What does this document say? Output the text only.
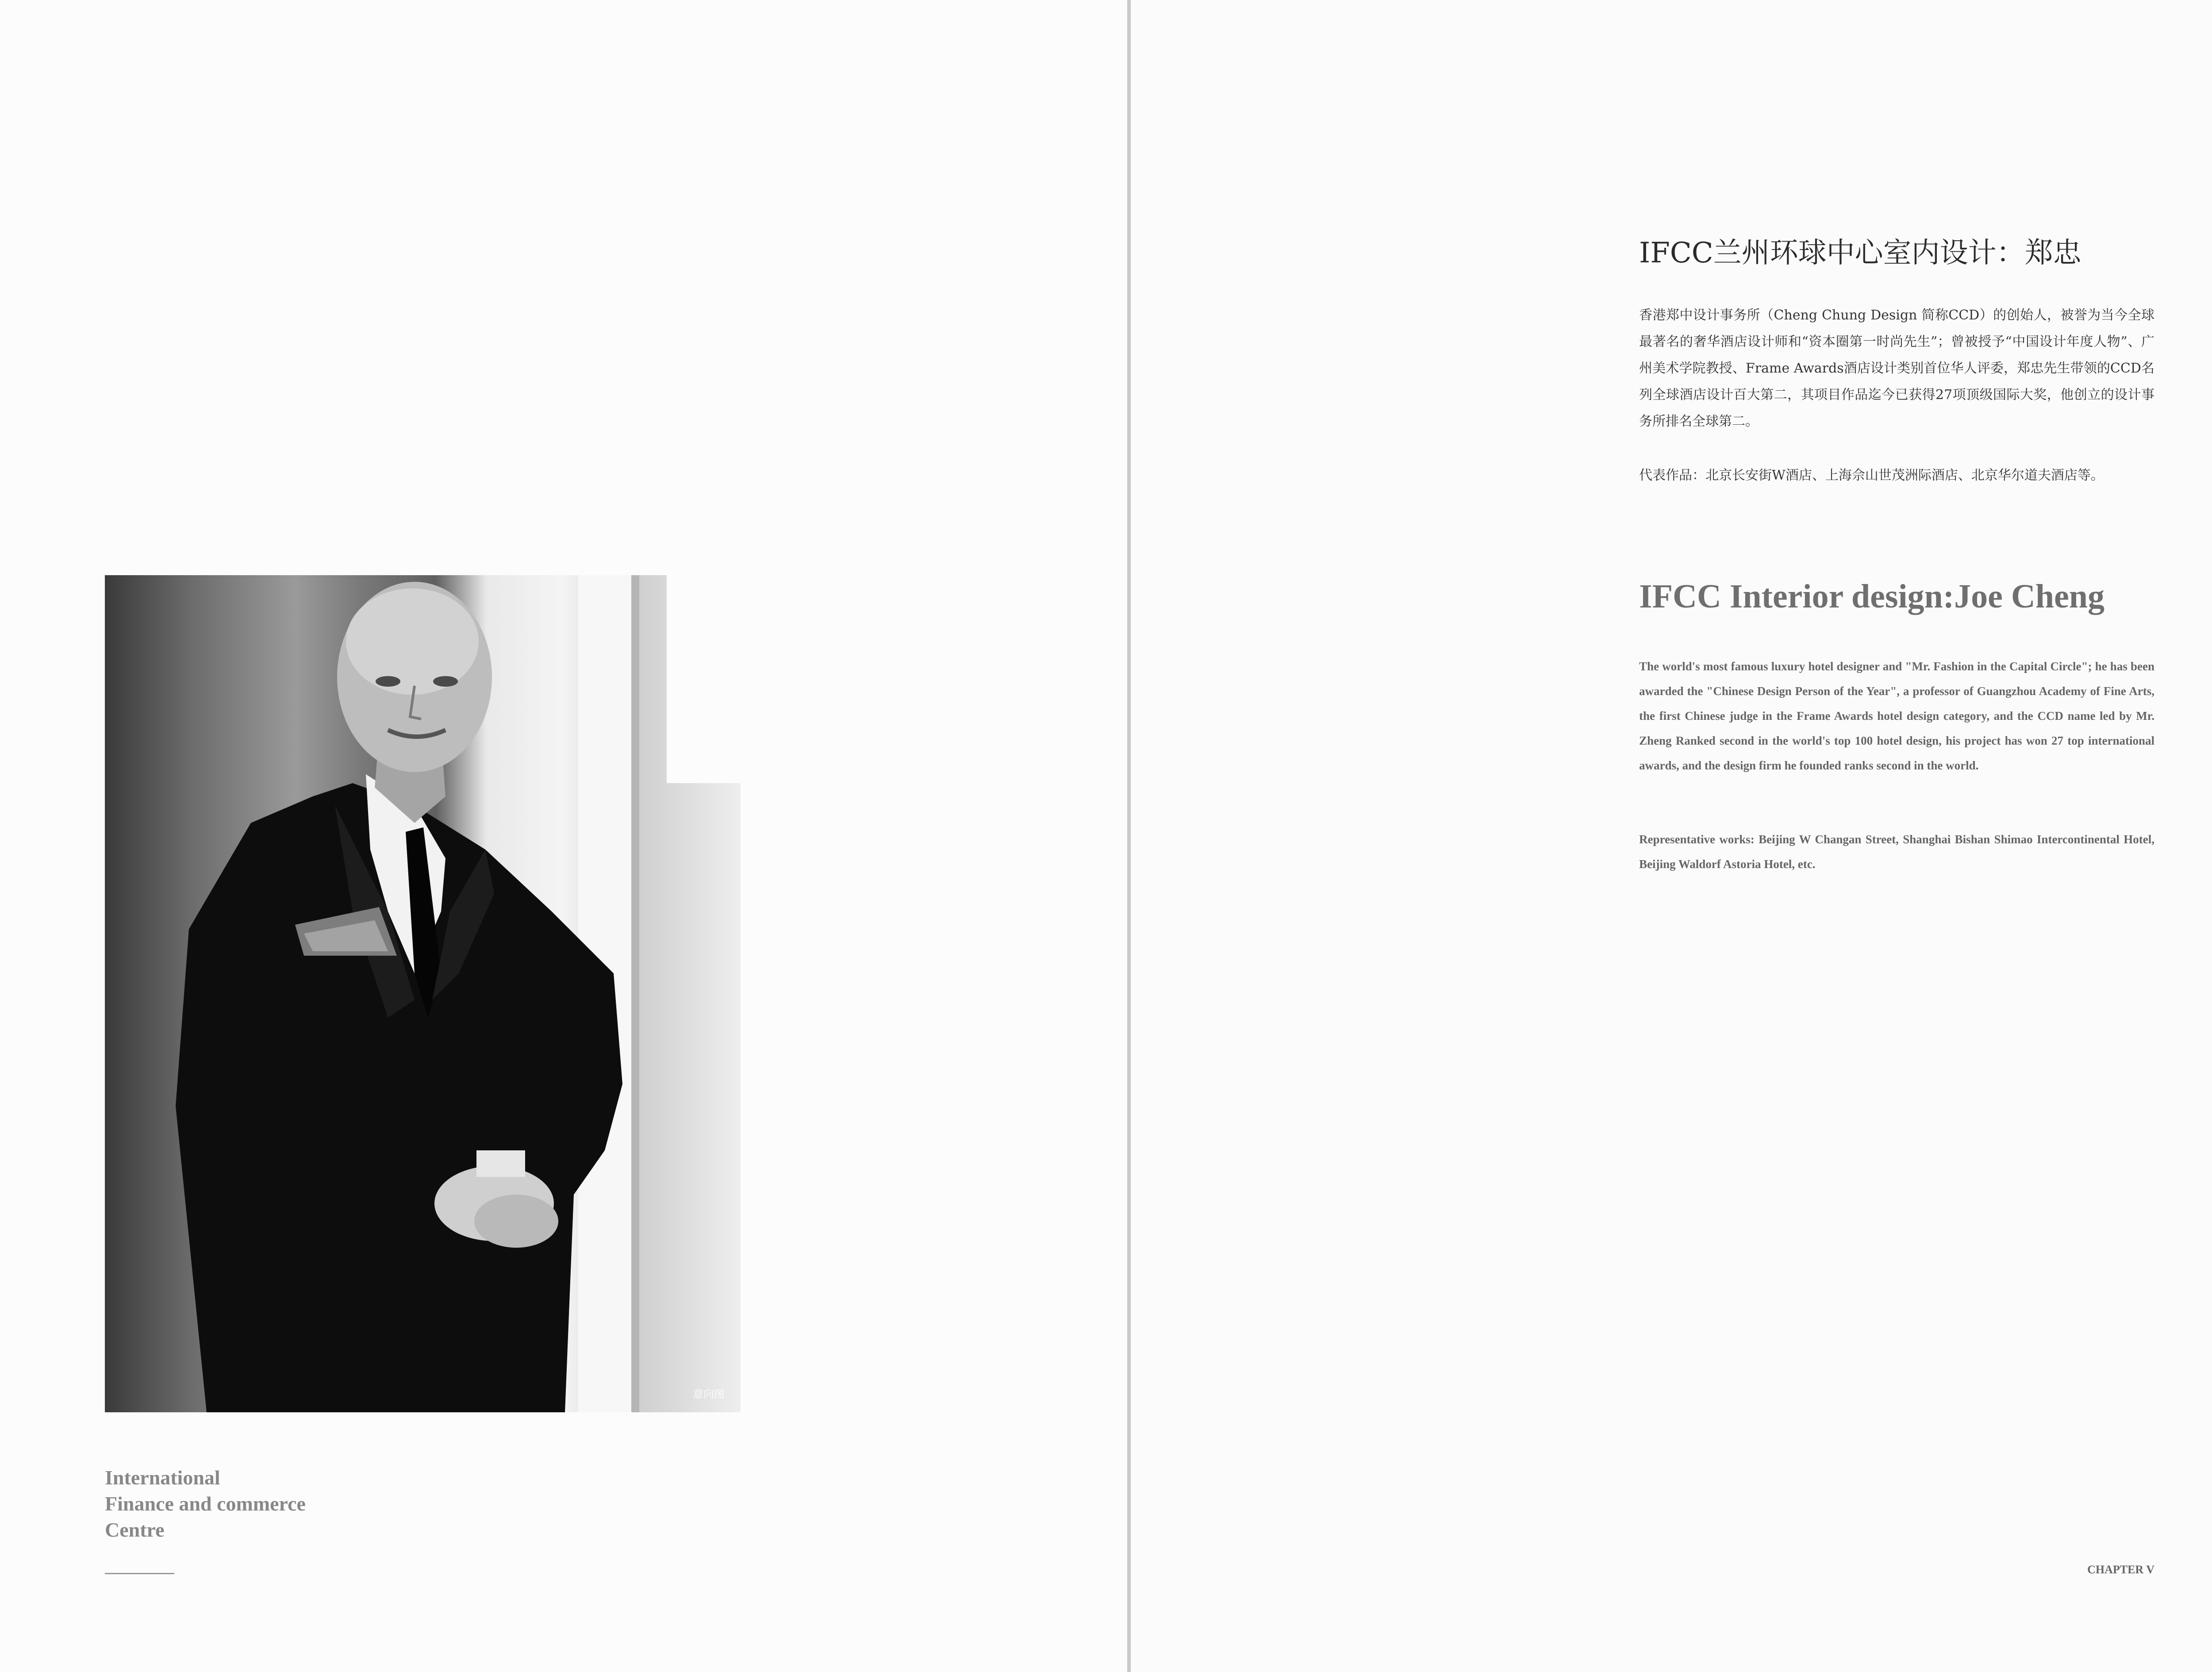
意向图
International
Finance and commerce
Centre
IFCC兰州环球中心室内设计：郑忠
香港郑中设计事务所（Cheng Chung Design 简称CCD）的创始人，被誉为当今全球最著名的奢华酒店设计师和“资本圈第一时尚先生”；曾被授予“中国设计年度人物”、广州美术学院教授、Frame Awards酒店设计类别首位华人评委，郑忠先生带领的CCD名列全球酒店设计百大第二，其项目作品迄今已获得27项顶级国际大奖，他创立的设计事务所排名全球第二。
代表作品：北京长安街W酒店、上海佘山世茂洲际酒店、北京华尔道夫酒店等。
IFCC Interior design:Joe Cheng
The world's most famous luxury hotel designer and "Mr. Fashion in the Capital Circle"; he has been awarded the "Chinese Design Person of the Year", a professor of Guangzhou Academy of Fine Arts, the first Chinese judge in the Frame Awards hotel design category, and the CCD name led by Mr. Zheng Ranked second in the world's top 100 hotel design, his project has won 27 top international awards, and the design firm he founded ranks second in the world.
Representative works: Beijing W Changan Street, Shanghai Bishan Shimao Intercontinental Hotel, Beijing Waldorf Astoria Hotel, etc.
CHAPTER V
